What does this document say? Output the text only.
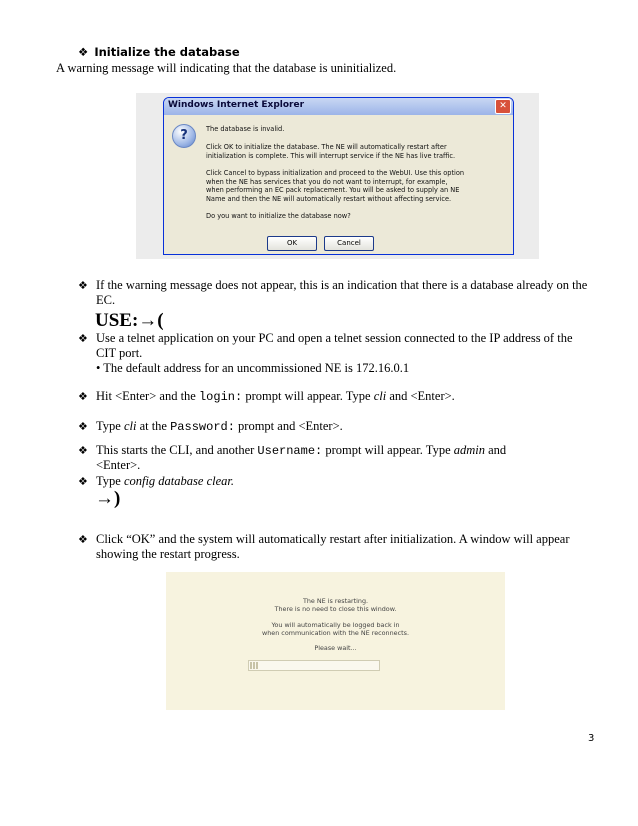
❖ Initialize the database
A warning message will indicating that the database is uninitialized.
Windows Internet Explorer	✕
?	The database is invalid.
Click OK to initialize the database. The NE will automatically restart after
initialization is complete. This will interrupt service if the NE has live traffic.
Click Cancel to bypass initialization and proceed to the WebUI. Use this option
when the NE has services that you do not want to interrupt, for example,
when performing an EC pack replacement. You will be asked to supply an NE
Name and then the NE will automatically restart without affecting service.
Do you want to initialize the database now?
OK	Cancel
❖ If the warning message does not appear, this is an indication that there is a database already on the
EC.
USE:→(
❖ Use a telnet application on your PC and open a telnet session connected to the IP address of the
CIT port.
• The default address for an uncommissioned NE is 172.16.0.1
❖ Hit <Enter> and the login: prompt will appear. Type cli and <Enter>.
❖ Type cli at the Password: prompt and <Enter>.
❖ This starts the CLI, and another Username: prompt will appear. Type admin and
<Enter>.
❖ Type config database clear.
→)
❖ Click “OK” and the system will automatically restart after initialization. A window will appear
showing the restart progress.
The NE is restarting.
There is no need to close this window.
You will automatically be logged back in
when communication with the NE reconnects.
Please wait...
3
